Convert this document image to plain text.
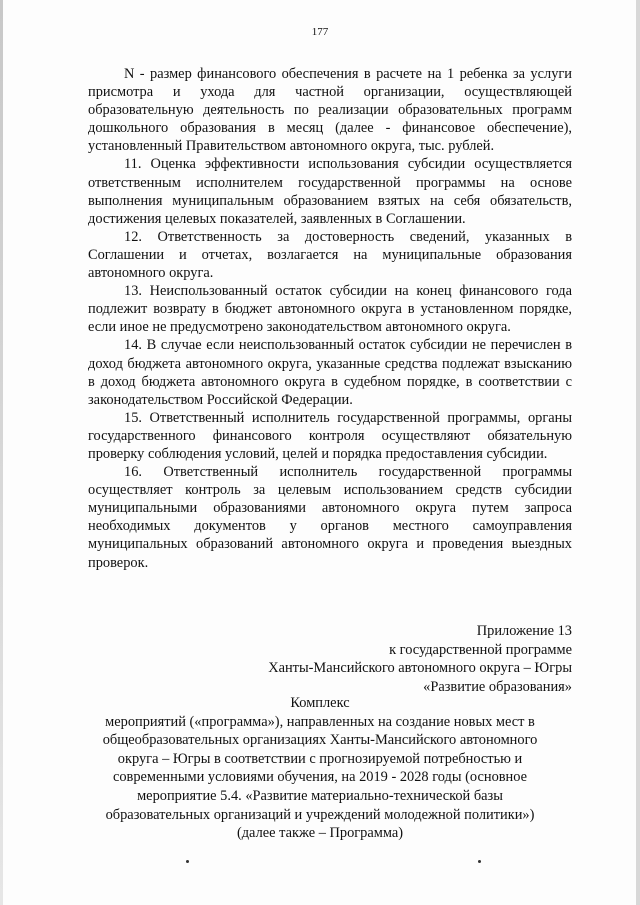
177

N - размер финансового обеспечения в расчете на 1 ребенка за услуги присмотра и ухода для частной организации, осуществляющей образовательную деятельность по реализации образовательных программ дошкольного образования в месяц (далее - финансовое обеспечение), установленный Правительством автономного округа, тыс. рублей.

11. Оценка эффективности использования субсидии осуществляется ответственным исполнителем государственной программы на основе выполнения муниципальным образованием взятых на себя обязательств, достижения целевых показателей, заявленных в Соглашении.

12. Ответственность за достоверность сведений, указанных в Соглашении и отчетах, возлагается на муниципальные образования автономного округа.

13. Неиспользованный остаток субсидии на конец финансового года подлежит возврату в бюджет автономного округа в установленном порядке, если иное не предусмотрено законодательством автономного округа.

14. В случае если неиспользованный остаток субсидии не перечислен в доход бюджета автономного округа, указанные средства подлежат взысканию в доход бюджета автономного округа в судебном порядке, в соответствии с законодательством Российской Федерации.

15. Ответственный исполнитель государственной программы, органы государственного финансового контроля осуществляют обязательную проверку соблюдения условий, целей и порядка предоставления субсидии.

16. Ответственный исполнитель государственной программы осуществляет контроль за целевым использованием средств субсидии муниципальными образованиями автономного округа путем запроса необходимых документов у органов местного самоуправления муниципальных образований автономного округа и проведения выездных проверок.

Приложение 13
к государственной программе
Ханты-Мансийского автономного округа – Югры
«Развитие образования»
Комплекс
мероприятий («программа»), направленных на создание новых мест в
общеобразовательных организациях Ханты-Мансийского автономного
округа – Югры в соответствии с прогнозируемой потребностью и
современными условиями обучения, на 2019 - 2028 годы (основное
мероприятие 5.4. «Развитие материально-технической базы
образовательных организаций и учреждений молодежной политики»)
(далее также – Программа)
